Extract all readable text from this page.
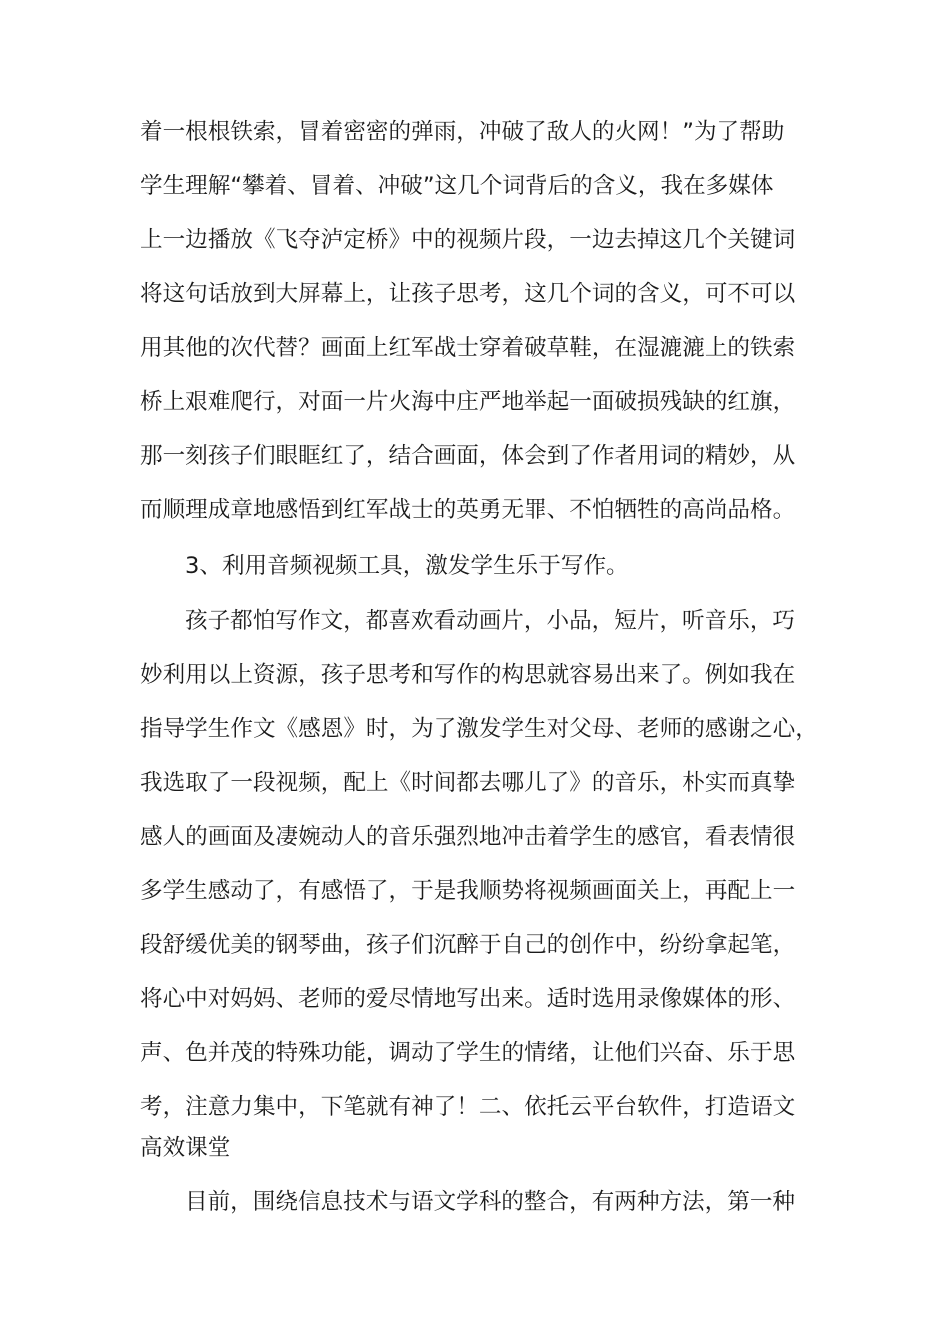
着一根根铁索，冒着密密的弹雨，冲破了敌人的火网！”为了帮助
学生理解“攀着、冒着、冲破”这几个词背后的含义，我在多媒体
上一边播放《飞夺泸定桥》中的视频片段，一边去掉这几个关键词
将这句话放到大屏幕上，让孩子思考，这几个词的含义，可不可以
用其他的次代替？画面上红军战士穿着破草鞋，在湿漉漉上的铁索
桥上艰难爬行，对面一片火海中庄严地举起一面破损残缺的红旗，
那一刻孩子们眼眶红了，结合画面，体会到了作者用词的精妙，从
而顺理成章地感悟到红军战士的英勇无罪、不怕牺牲的高尚品格。
3、利用音频视频工具，激发学生乐于写作。
孩子都怕写作文，都喜欢看动画片，小品，短片，听音乐，巧
妙利用以上资源，孩子思考和写作的构思就容易出来了。例如我在
指导学生作文《感恩》时，为了激发学生对父母、老师的感谢之心，
我选取了一段视频，配上《时间都去哪儿了》的音乐，朴实而真挚
感人的画面及凄婉动人的音乐强烈地冲击着学生的感官，看表情很
多学生感动了，有感悟了，于是我顺势将视频画面关上，再配上一
段舒缓优美的钢琴曲，孩子们沉醉于自己的创作中，纷纷拿起笔，
将心中对妈妈、老师的爱尽情地写出来。适时选用录像媒体的形、
声、色并茂的特殊功能，调动了学生的情绪，让他们兴奋、乐于思
考，注意力集中，下笔就有神了！二、依托云平台软件，打造语文
高效课堂
目前，围绕信息技术与语文学科的整合，有两种方法，第一种
